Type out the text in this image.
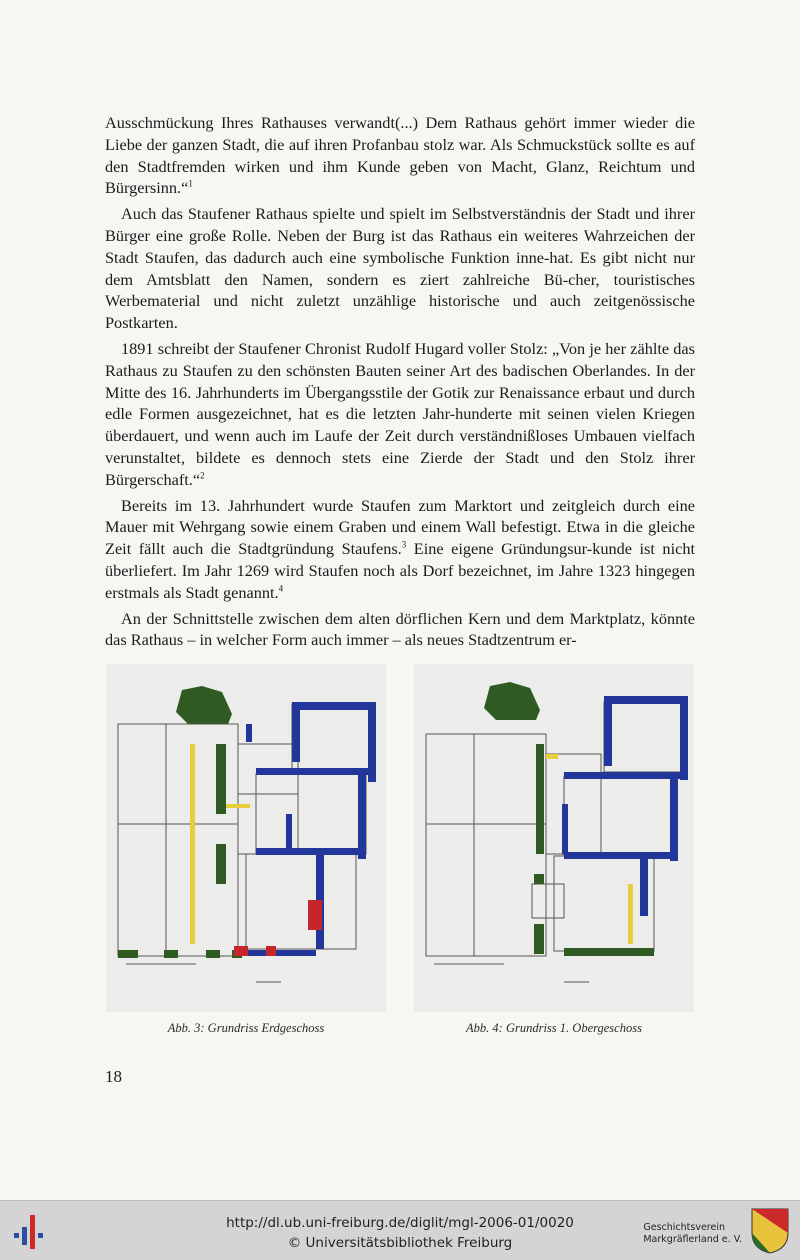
Ausschmückung Ihres Rathauses verwandt(...) Dem Rathaus gehört immer wieder die Liebe der ganzen Stadt, die auf ihren Profanbau stolz war. Als Schmuckstück sollte es auf den Stadtfremden wirken und ihm Kunde geben von Macht, Glanz, Reichtum und Bürgersinn.“$^1$

Auch das Staufener Rathaus spielte und spielt im Selbstverständnis der Stadt und ihrer Bürger eine große Rolle. Neben der Burg ist das Rathaus ein weiteres Wahrzeichen der Stadt Staufen, das dadurch auch eine symbolische Funktion inne-hat. Es gibt nicht nur dem Amtsblatt den Namen, sondern es ziert zahlreiche Bü-cher, touristisches Werbematerial und nicht zuletzt unzählige historische und auch zeitgenössische Postkarten.

1891 schreibt der Staufener Chronist Rudolf Hugard voller Stolz: „Von je her zählte das Rathaus zu Staufen zu den schönsten Bauten seiner Art des badischen Oberlandes. In der Mitte des 16. Jahrhunderts im Übergangsstile der Gotik zur Renaissance erbaut und durch edle Formen ausgezeichnet, hat es die letzten Jahr-hunderte mit seinen vielen Kriegen überdauert, und wenn auch im Laufe der Zeit durch verständnißloses Umbauen vielfach verunstaltet, bildete es dennoch stets eine Zierde der Stadt und den Stolz ihrer Bürgerschaft.“$^2$

Bereits im 13. Jahrhundert wurde Staufen zum Marktort und zeitgleich durch eine Mauer mit Wehrgang sowie einem Graben und einem Wall befestigt. Etwa in die gleiche Zeit fällt auch die Stadtgründung Staufens.$^3$ Eine eigene Gründungsur-kunde ist nicht überliefert. Im Jahr 1269 wird Staufen noch als Dorf bezeichnet, im Jahre 1323 hingegen erstmals als Stadt genannt.$^4$

An der Schnittstelle zwischen dem alten dörflichen Kern und dem Marktplatz, könnte das Rathaus – in welcher Form auch immer – als neues Stadtzentrum er-

Abb. 3: Grundriss Erdgeschoss	Abb. 4: Grundriss 1. Obergeschoss
18
http://dl.ub.uni-freiburg.de/diglit/mgl-2006-01/0020
© Universitätsbibliothek Freiburg
Geschichtsverein
Markgräflerland e. V.
